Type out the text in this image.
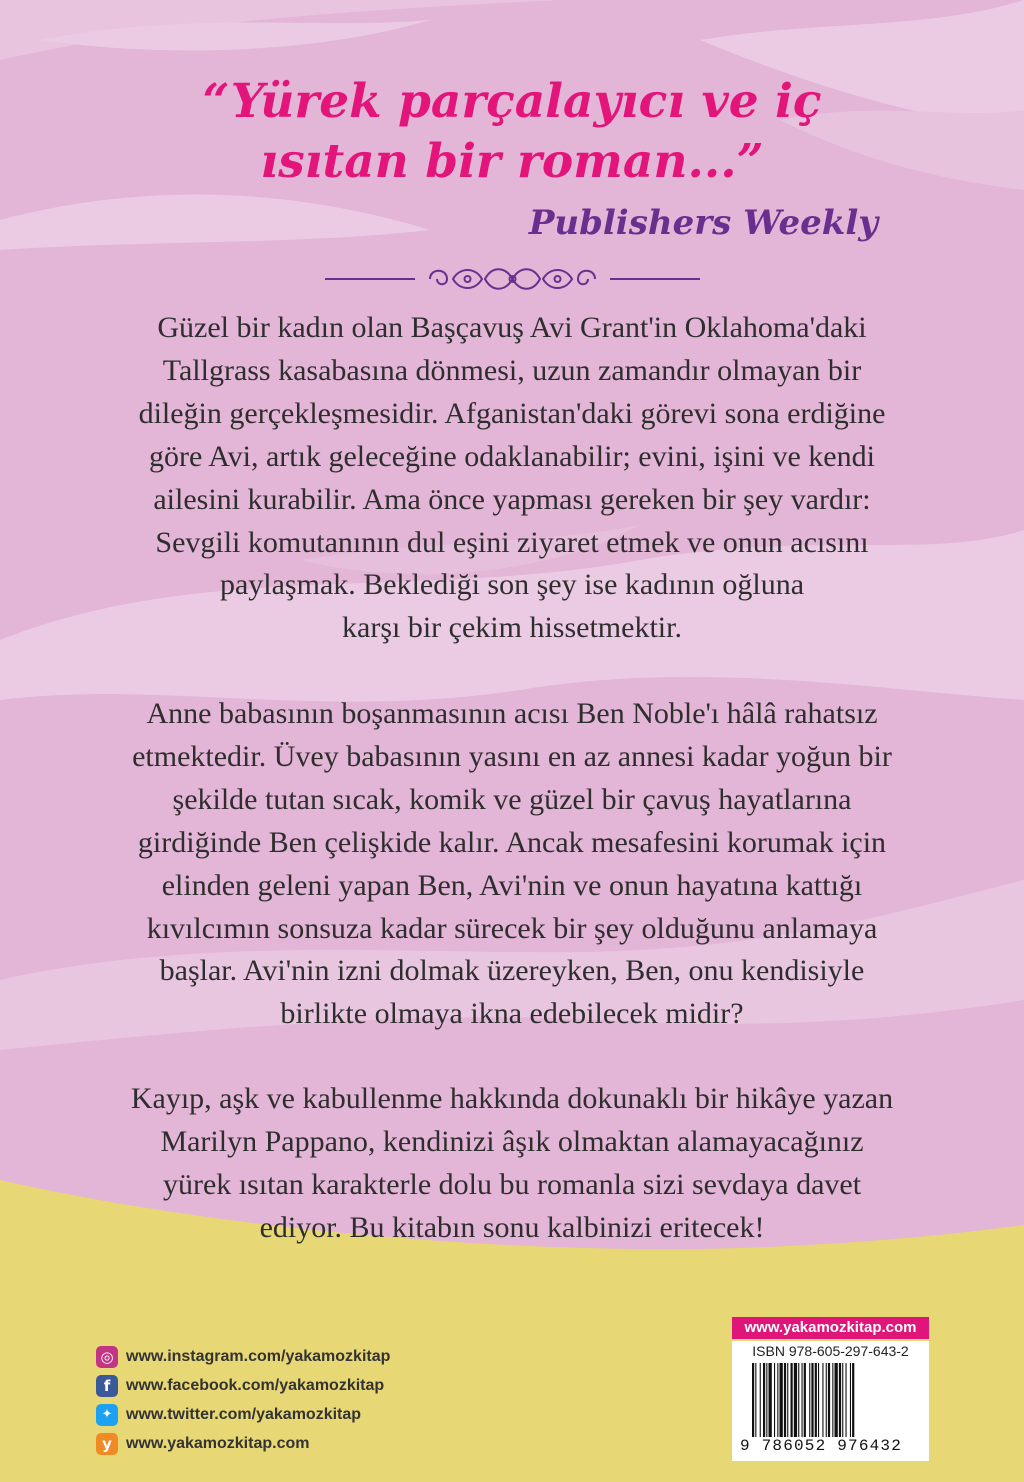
“Yürek parçalayıcı ve iç
ısıtan bir roman...”
Publishers Weekly

Güzel bir kadın olan Başçavuş Avi Grant'in Oklahoma'daki
Tallgrass kasabasına dönmesi, uzun zamandır olmayan bir
dileğin gerçekleşmesidir. Afganistan'daki görevi sona erdiğine
göre Avi, artık geleceğine odaklanabilir; evini, işini ve kendi
ailesini kurabilir. Ama önce yapması gereken bir şey vardır:
Sevgili komutanının dul eşini ziyaret etmek ve onun acısını
paylaşmak. Beklediği son şey ise kadının oğluna
karşı bir çekim hissetmektir.

Anne babasının boşanmasının acısı Ben Noble'ı hâlâ rahatsız
etmektedir. Üvey babasının yasını en az annesi kadar yoğun bir
şekilde tutan sıcak, komik ve güzel bir çavuş hayatlarına
girdiğinde Ben çelişkide kalır. Ancak mesafesini korumak için
elinden geleni yapan Ben, Avi'nin ve onun hayatına kattığı
kıvılcımın sonsuza kadar sürecek bir şey olduğunu anlamaya
başlar. Avi'nin izni dolmak üzereyken, Ben, onu kendisiyle
birlikte olmaya ikna edebilecek midir?

Kayıp, aşk ve kabullenme hakkında dokunaklı bir hikâye yazan
Marilyn Pappano, kendinizi âşık olmaktan alamayacağınız
yürek ısıtan karakterle dolu bu romanla sizi sevdaya davet
ediyor. Bu kitabın sonu kalbinizi eritecek!

◎ www.instagram.com/yakamozkitap
f www.facebook.com/yakamozkitap
✦ www.twitter.com/yakamozkitap
y www.yakamozkitap.com
www.yakamozkitap.com
ISBN 978-605-297-643-2
9 786052 976432
